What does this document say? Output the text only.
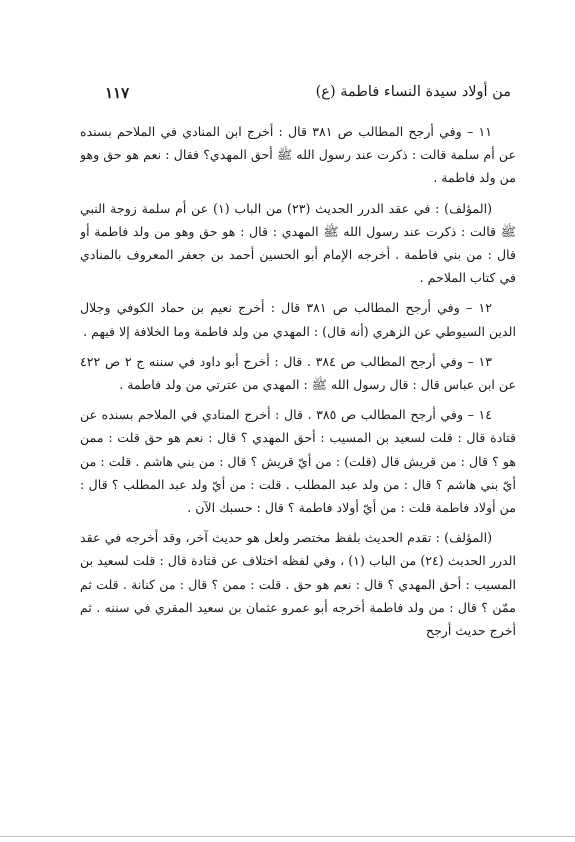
من أولاد سيدة النساء فاطمة (ع)
١١٧

١١ – وفي أرجح المطالب ص ٣٨١ قال : أخرج ابن المنادي في الملاحم بسنده عن أم سلمة قالت : ذكرت عند رسول الله ﷺ أحق المهدي؟ فقال : نعم هو حق وهو من ولد فاطمة .

(المؤلف) : في عقد الدرر الحديث (٢٣) من الباب (١) عن أم سلمة زوجة النبي ﷺ قالت : ذكرت عند رسول الله ﷺ المهدي : قال : هو حق وهو من ولد فاطمة أو قال : من بني فاطمة . أخرجه الإمام أبو الحسين أحمد بن جعفر المعروف بالمنادي في كتاب الملاحم .

١٢ – وفي أرجح المطالب ص ٣٨١ قال : أخرج نعيم بن حماد الكوفي وجلال الدين السيوطي عن الزهري (أنه قال) : المهدي من ولد فاطمة وما الخلافة إلا فيهم .

١٣ – وفي أرجح المطالب ص ٣٨٤ . قال : أخرج أبو داود في سننه ج ٢ ص ٤٢٢ عن ابن عباس قال : قال رسول الله ﷺ : المهدي من عترتي من ولد فاطمة .

١٤ – وفي أرجح المطالب ص ٣٨٥ . قال : أخرج المنادي في الملاحم بسنده عن قتادة قال : قلت لسعيد بن المسيب : أحق المهدي ؟ قال : نعم هو حق قلت : ممن هو ؟ قال : من قريش قال (قلت) : من أيّ قريش ؟ قال : من بني هاشم . قلت : من أيّ بني هاشم ؟ قال : من ولد عبد المطلب . قلت : من أيّ ولد عبد المطلب ؟ قال : من أولاد فاطمة قلت : من أيّ أولاد فاطمة ؟ قال : حسبك الآن .

(المؤلف) : تقدم الحديث بلفظ مختصر ولعل هو حديث آخر، وقد أخرجه في عقد الدرر الحديث (٢٤) من الباب (١) ، وفي لفظه اختلاف عن قتادة قال : قلت لسعيد بن المسيب : أحق المهدي ؟ قال : نعم هو حق . قلت : ممن ؟ قال : من كنانة . قلت ثم ممّن ؟ قال : من ولد فاطمة أخرجه أبو عمرو عثمان بن سعيد المقري في سننه . ثم أخرج حديث أرجح
